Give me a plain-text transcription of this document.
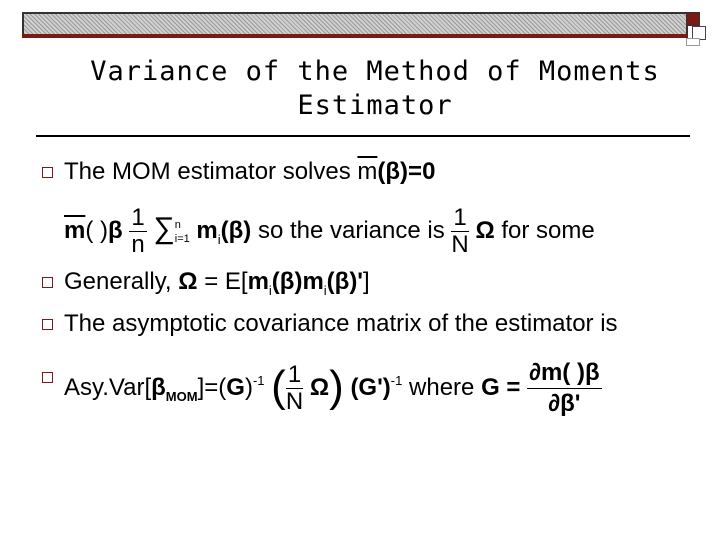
Variance of the Method of Moments
Estimator
The MOM estimator solves $\overline{m}(\beta)=0$
$\overline{m}$( )$\beta \frac{1}{n}$ ∑ n
i=1 $m_i(\beta)$ so the variance is $\frac{1}{N}$ Ω for some
Generally, $\Omega = E[m_i(\beta)m_i(\beta)']$
The asymptotic covariance matrix of the estimator is
$Asy.Var[\beta_{MOM}]=(G)^{-1}$ ( $\frac{1}{N} \Omega$) $(G')^{-1}$ where $G = \frac{\partial m( )\beta}{\partial\beta'}$
